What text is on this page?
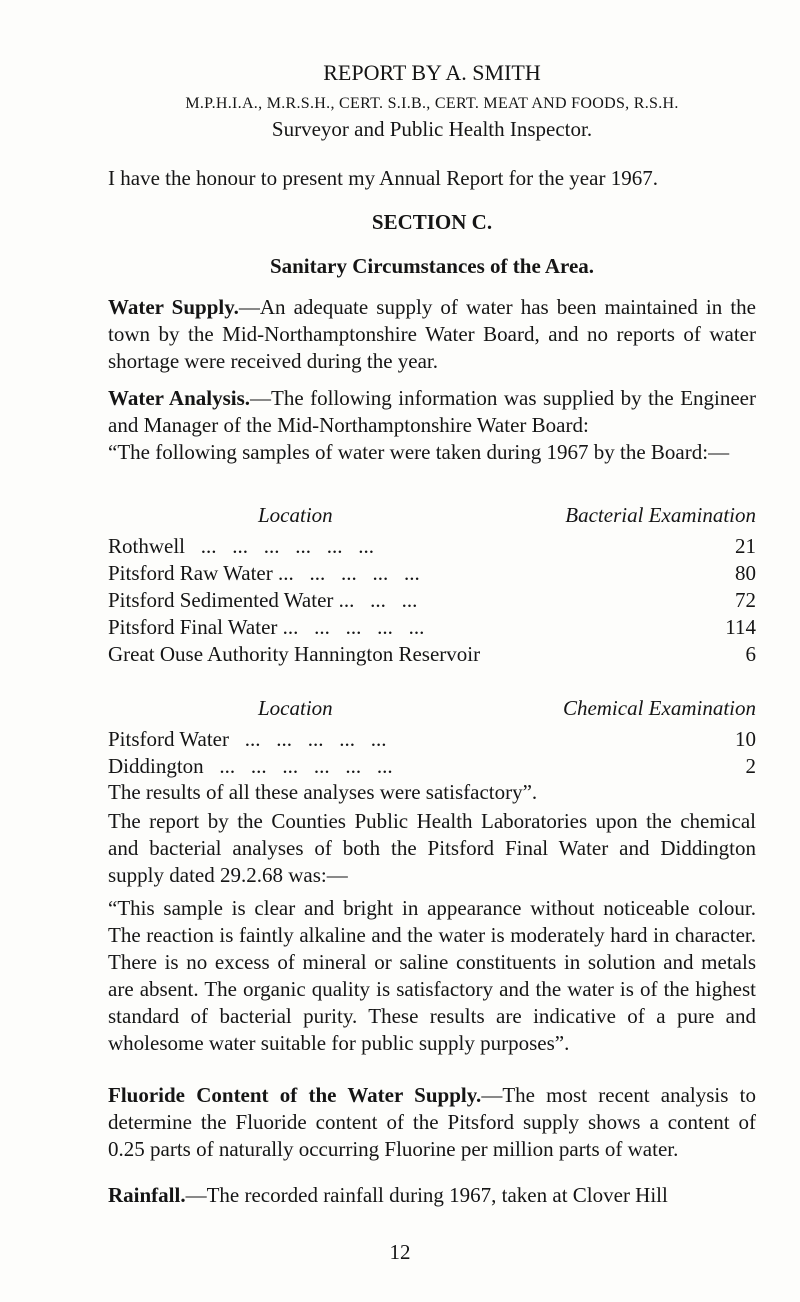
REPORT BY A. SMITH
M.P.H.I.A., M.R.S.H., CERT. S.I.B., CERT. MEAT AND FOODS, R.S.H.
Surveyor and Public Health Inspector.

I have the honour to present my Annual Report for the year 1967.

SECTION C.
Sanitary Circumstances of the Area.

Water Supply.—An adequate supply of water has been maintained in the town by the Mid-Northamptonshire Water Board, and no reports of water shortage were received during the year.

Water Analysis.—The following information was supplied by the Engineer and Manager of the Mid-Northamptonshire Water Board:

“The following samples of water were taken during 1967 by the Board:—

Location	Bacterial Examination
Rothwell   ...   ...   ...   ...   ...   ...	21
Pitsford Raw Water ...   ...   ...   ...   ...	80
Pitsford Sedimented Water ...   ...   ...	72
Pitsford Final Water ...   ...   ...   ...   ...	114
Great Ouse Authority Hannington Reservoir	6
Location	Chemical Examination
Pitsford Water   ...   ...   ...   ...   ...	10
Diddington   ...   ...   ...   ...   ...   ...	2

The results of all these analyses were satisfactory”.

The report by the Counties Public Health Laboratories upon the chemical and bacterial analyses of both the Pitsford Final Water and Diddington supply dated 29.2.68 was:—

“This sample is clear and bright in appearance without noticeable colour. The reaction is faintly alkaline and the water is moderately hard in character. There is no excess of mineral or saline constituents in solution and metals are absent. The organic quality is satisfactory and the water is of the highest standard of bacterial purity. These results are indicative of a pure and wholesome water suitable for public supply purposes”.

Fluoride Content of the Water Supply.—The most recent analysis to determine the Fluoride content of the Pitsford supply shows a content of 0.25 parts of naturally occurring Fluorine per million parts of water.

Rainfall.—The recorded rainfall during 1967, taken at Clover Hill

12
